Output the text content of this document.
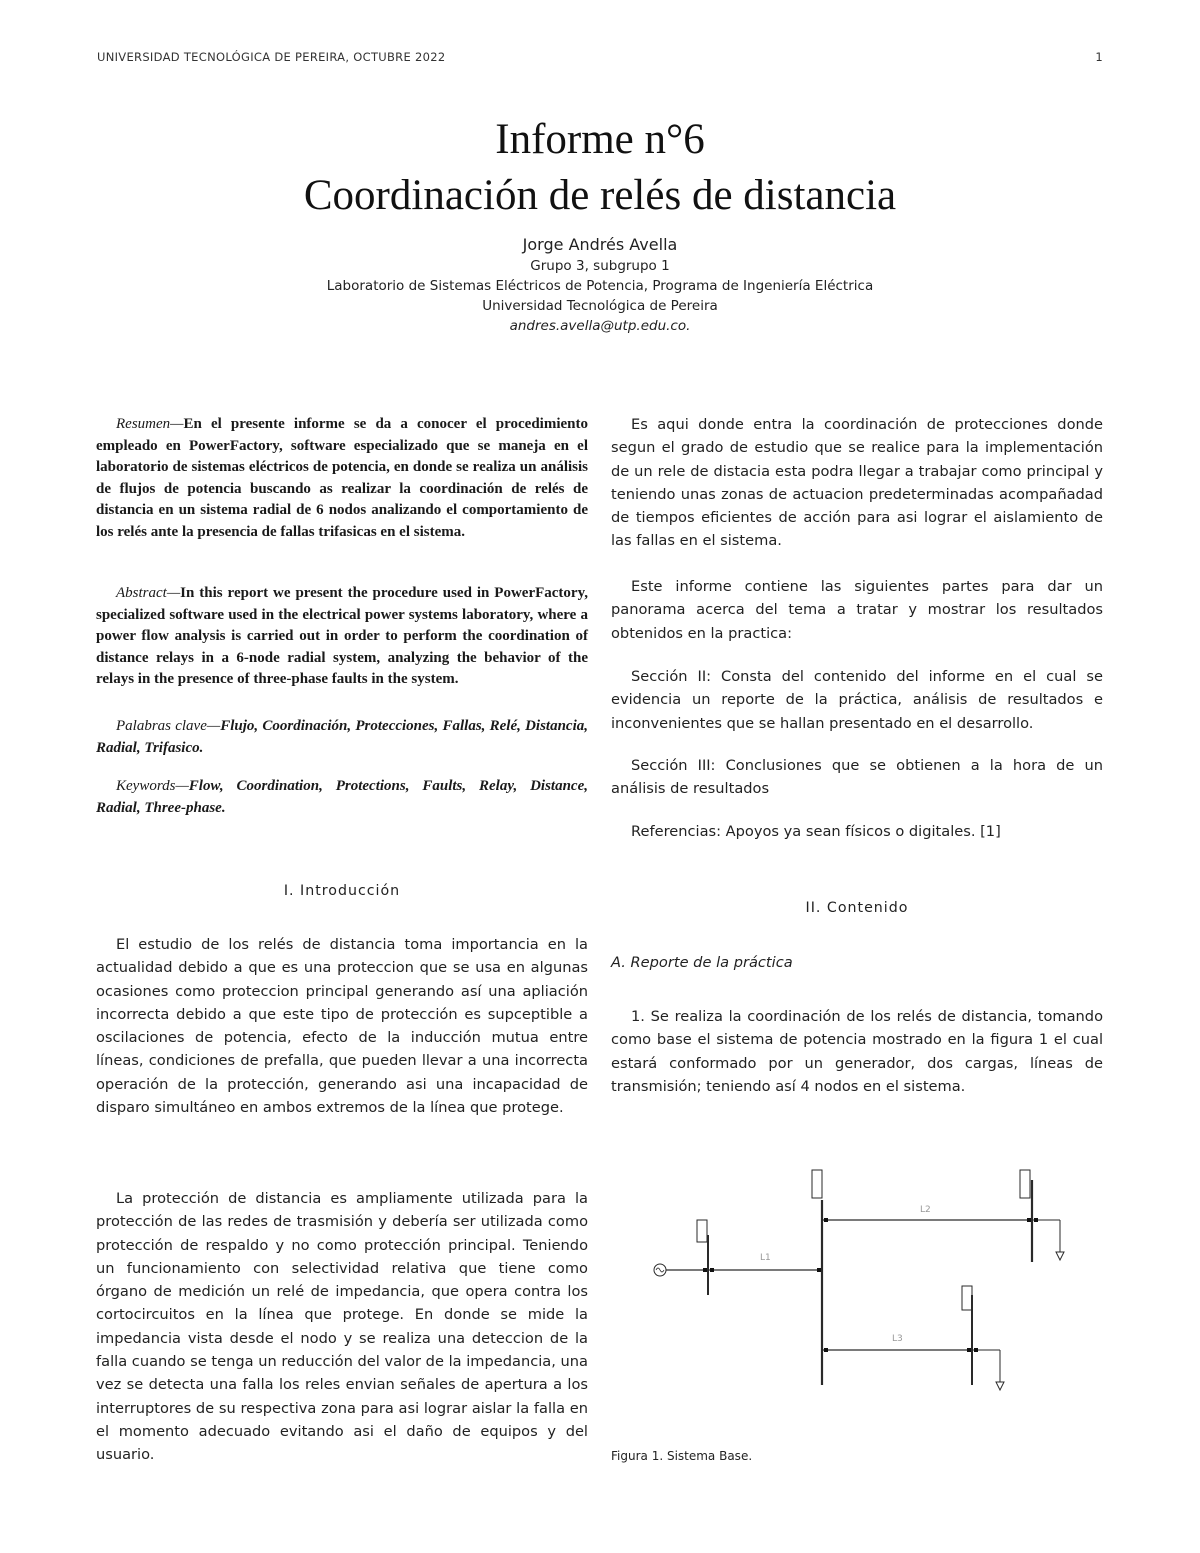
UNIVERSIDAD TECNOLÓGICA DE PEREIRA, OCTUBRE 2022	1
Informe n°6
Coordinación de relés de distancia
Jorge Andrés Avella
Grupo 3, subgrupo 1
Laboratorio de Sistemas Eléctricos de Potencia, Programa de Ingeniería Eléctrica
Universidad Tecnológica de Pereira
andres.avella@utp.edu.co.

Resumen—En el presente informe se da a conocer el procedimiento empleado en PowerFactory, software especializado que se maneja en el laboratorio de sistemas eléctricos de potencia, en donde se realiza un análisis de flujos de potencia buscando as realizar la coordinación de relés de distancia en un sistema radial de 6 nodos analizando el comportamiento de los relés ante la presencia de fallas trifasicas en el sistema.

Abstract—In this report we present the procedure used in PowerFactory, specialized software used in the electrical power systems laboratory, where a power flow analysis is carried out in order to perform the coordination of distance relays in a 6-node radial system, analyzing the behavior of the relays in the presence of three-phase faults in the system.

Palabras clave—Flujo, Coordinación, Protecciones, Fallas, Relé, Distancia, Radial, Trifasico.

Keywords—Flow, Coordination, Protections, Faults, Relay, Distance, Radial, Three-phase.

I. Introducción

El estudio de los relés de distancia toma importancia en la actualidad debido a que es una proteccion que se usa en algunas ocasiones como proteccion principal generando así una apliación incorrecta debido a que este tipo de protección es supceptible a oscilaciones de potencia, efecto de la inducción mutua entre líneas, condiciones de prefalla, que pueden llevar a una incorrecta operación de la protección, generando asi una incapacidad de disparo simultáneo en ambos extremos de la línea que protege.

La protección de distancia es ampliamente utilizada para la protección de las redes de trasmisión y debería ser utilizada como protección de respaldo y no como protección principal. Teniendo un funcionamiento con selectividad relativa que tiene como órgano de medición un relé de impedancia, que opera contra los cortocircuitos en la línea que protege. En donde se mide la impedancia vista desde el nodo y se realiza una deteccion de la falla cuando se tenga un reducción del valor de la impedancia, una vez se detecta una falla los reles envian señales de apertura a los interruptores de su respectiva zona para asi lograr aislar la falla en el momento adecuado evitando asi el daño de equipos y del usuario.

Es aqui donde entra la coordinación de protecciones donde segun el grado de estudio que se realice para la implementación de un rele de distacia esta podra llegar a trabajar como principal y teniendo unas zonas de actuacion predeterminadas acompañadad de tiempos eficientes de acción para asi lograr el aislamiento de las fallas en el sistema.

Este informe contiene las siguientes partes para dar un panorama acerca del tema a tratar y mostrar los resultados obtenidos en la practica:

Sección II: Consta del contenido del informe en el cual se evidencia un reporte de la práctica, análisis de resultados e inconvenientes que se hallan presentado en el desarrollo.

Sección III: Conclusiones que se obtienen a la hora de un análisis de resultados

Referencias: Apoyos ya sean físicos o digitales. [1]

II. Contenido

A. Reporte de la práctica

1. Se realiza la coordinación de los relés de distancia, tomando como base el sistema de potencia mostrado en la figura 1 el cual estará conformado por un generador, dos cargas, líneas de transmisión; teniendo así 4 nodos en el sistema.

L1
L2
L3

Figura 1. Sistema Base.
